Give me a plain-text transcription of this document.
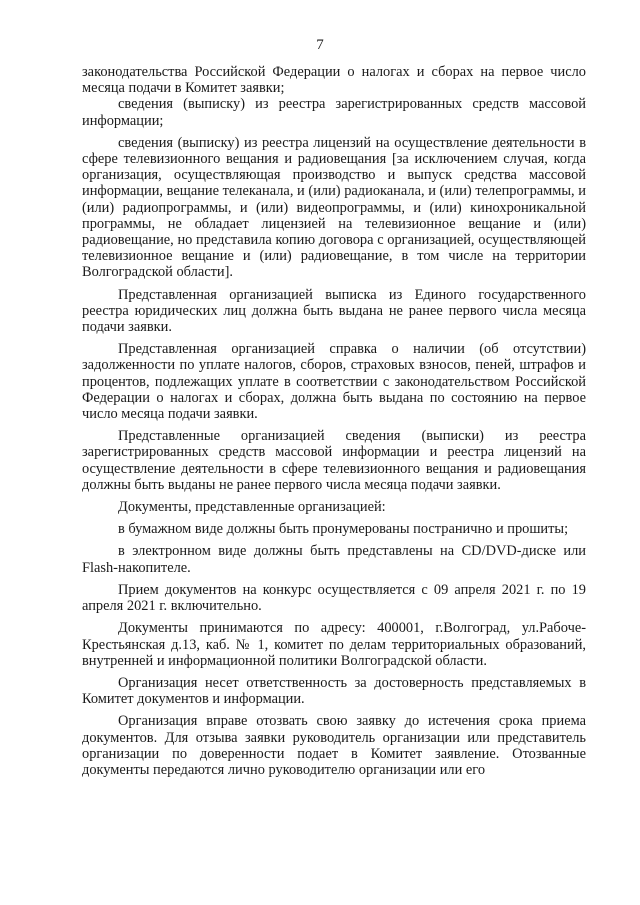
7

законодательства Российской Федерации о налогах и сборах на первое число месяца подачи в Комитет заявки;

сведения (выписку) из реестра зарегистрированных средств массовой информации;

сведения (выписку) из реестра лицензий на осуществление деятельности в сфере телевизионного вещания и радиовещания [за исключением случая, когда организация, осуществляющая производство и выпуск средства массовой информации, вещание телеканала, и (или) радиоканала, и (или) телепрограммы, и (или) радиопрограммы, и (или) видеопрограммы, и (или) кинохроникальной программы, не обладает лицензией на телевизионное вещание и (или) радиовещание, но представила копию договора с организацией, осуществляющей телевизионное вещание и (или) радиовещание, в том числе на территории Волгоградской области].

Представленная организацией выписка из Единого государственного реестра юридических лиц должна быть выдана не ранее первого числа месяца подачи заявки.

Представленная организацией справка о наличии (об отсутствии) задолженности по уплате налогов, сборов, страховых взносов, пеней, штрафов и процентов, подлежащих уплате в соответствии с законодательством Российской Федерации о налогах и сборах, должна быть выдана по состоянию на первое число месяца подачи заявки.

Представленные организацией сведения (выписки) из реестра зарегистрированных средств массовой информации и реестра лицензий на осуществление деятельности в сфере телевизионного вещания и радиовещания должны быть выданы не ранее первого числа месяца подачи заявки.

Документы, представленные организацией:

в бумажном виде должны быть пронумерованы постранично и прошиты;

в электронном виде должны быть представлены на CD/DVD-диске или Flash-накопителе.

Прием документов на конкурс осуществляется с 09 апреля 2021 г. по 19 апреля 2021 г. включительно.

Документы принимаются по адресу: 400001, г.Волгоград, ул.Рабоче-Крестьянская д.13, каб. № 1, комитет по делам территориальных образований, внутренней и информационной политики Волгоградской области.

Организация несет ответственность за достоверность представляемых в Комитет документов и информации.

Организация вправе отозвать свою заявку до истечения срока приема документов. Для отзыва заявки руководитель организации или представитель организации по доверенности подает в Комитет заявление. Отозванные документы передаются лично руководителю организации или его
